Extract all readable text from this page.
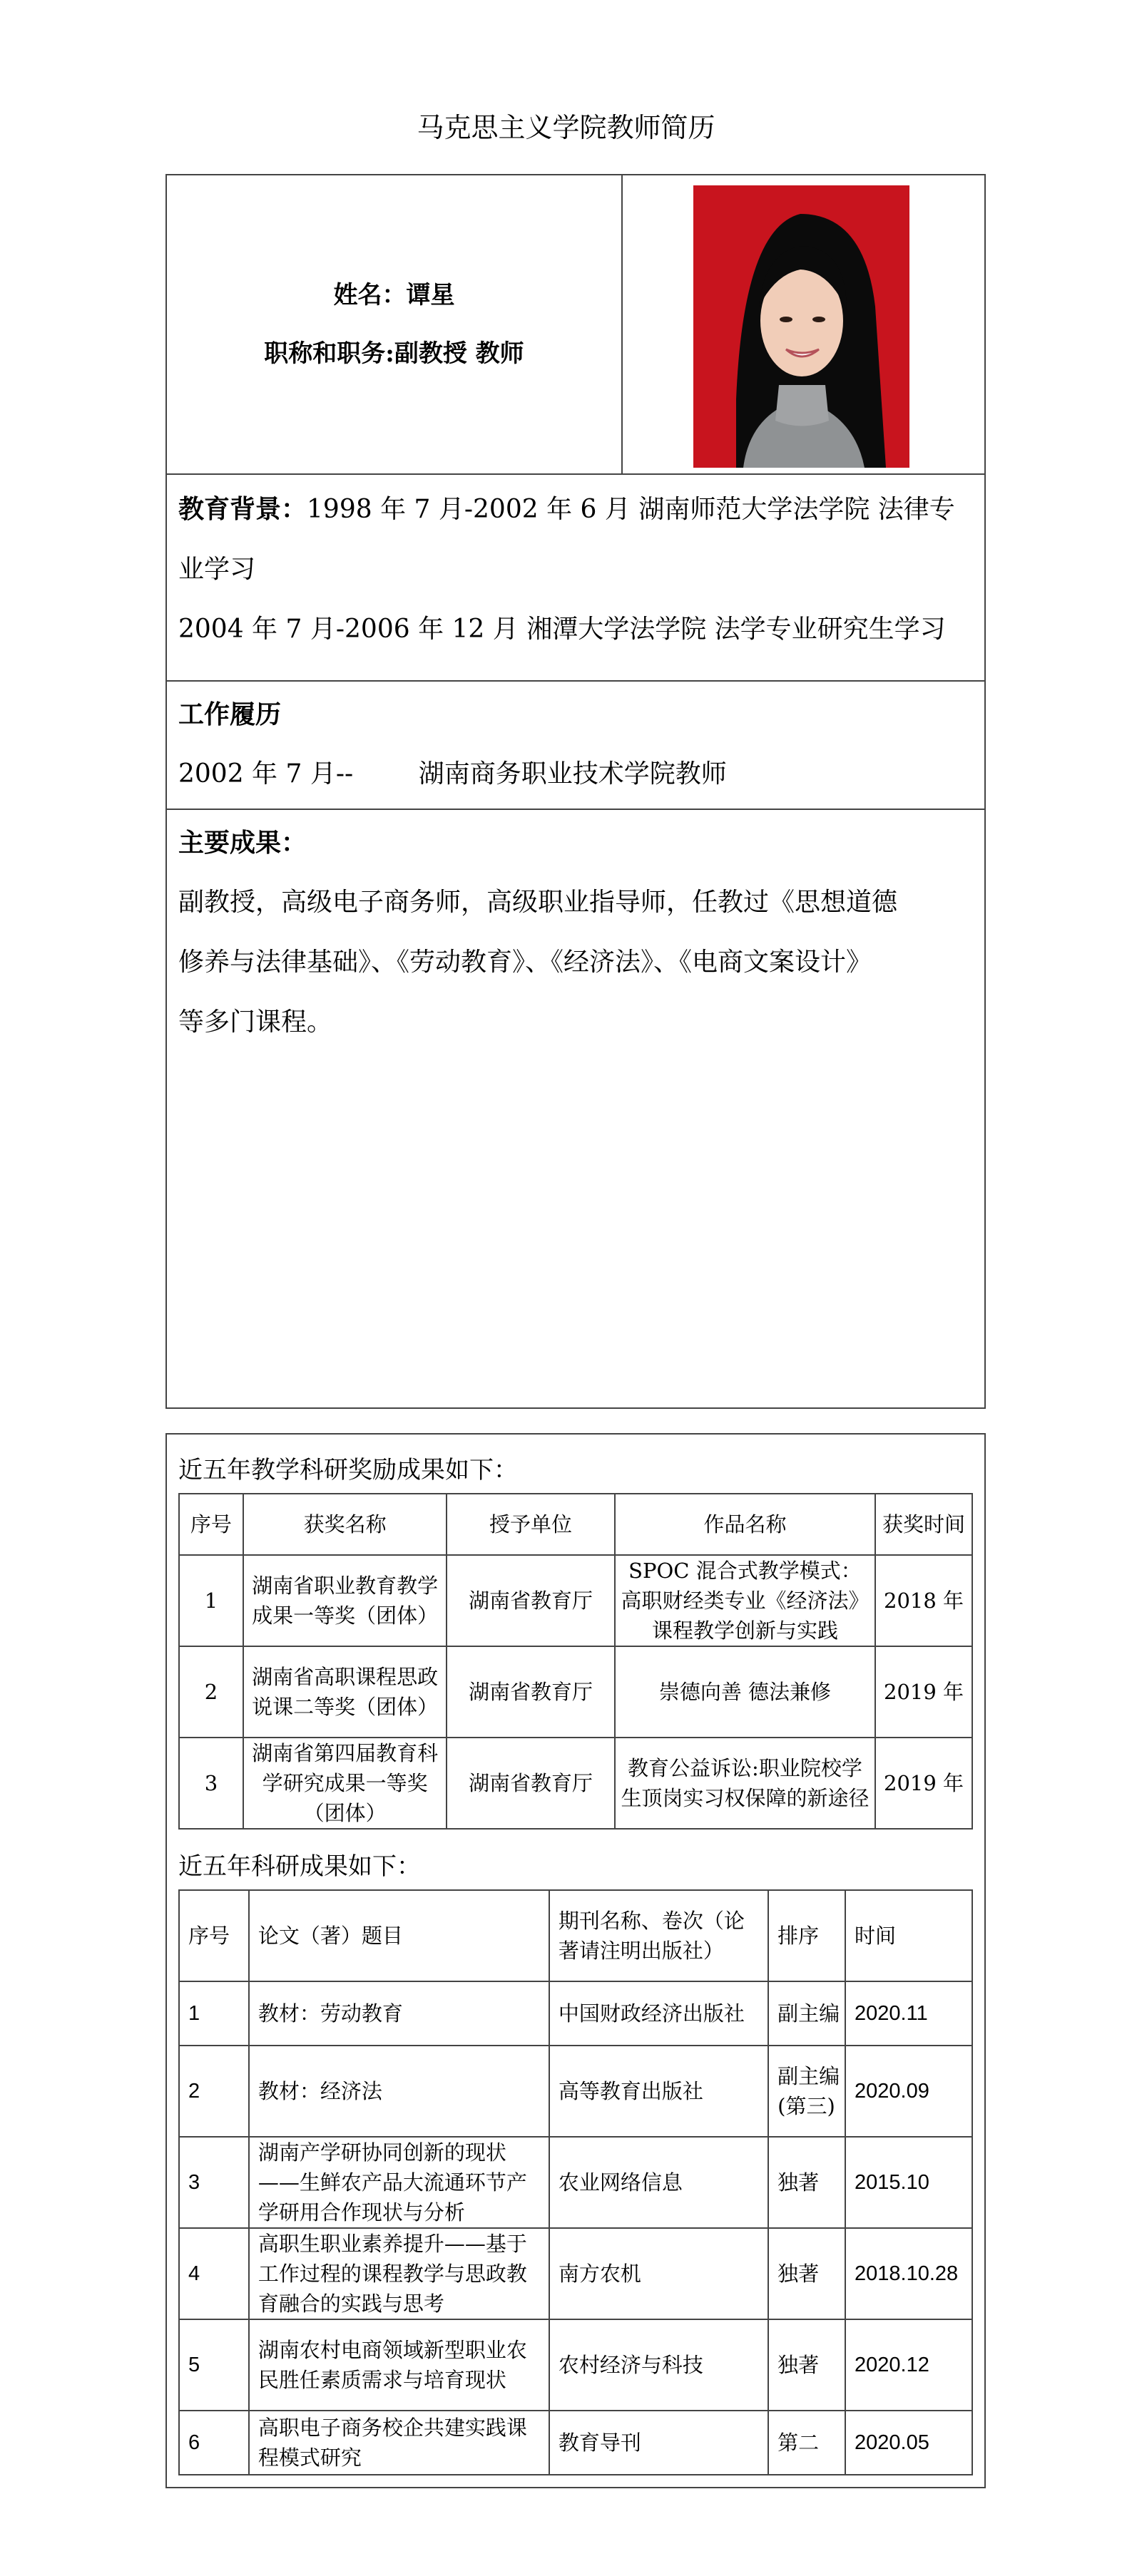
马克思主义学院教师简历
姓名：谭星
职称和职务:副教授 教师
教育背景：1998 年 7 月-2002 年 6 月 湖南师范大学法学院 法律专
业学习
2004 年 7 月-2006 年 12 月 湘潭大学法学院 法学专业研究生学习
工作履历
2002 年 7 月--        湖南商务职业技术学院教师
主要成果：
副教授，高级电子商务师，高级职业指导师，任教过《思想道德
修养与法律基础》、《劳动教育》、《经济法》、《电商文案设计》
等多门课程。
近五年教学科研奖励成果如下：
序号	获奖名称	授予单位	作品名称	获奖时间
1	湖南省职业教育教学成果一等奖（团体）	湖南省教育厅	SPOC 混合式教学模式：高职财经类专业《经济法》课程教学创新与实践	2018 年
2	湖南省高职课程思政说课二等奖（团体）	湖南省教育厅	崇德向善 德法兼修	2019 年
3	湖南省第四届教育科学研究成果一等奖（团体）	湖南省教育厅	教育公益诉讼:职业院校学生顶岗实习权保障的新途径	2019 年
近五年科研成果如下：
序号	论文（著）题目	期刊名称、卷次（论著请注明出版社）	排序	时间
1	教材：劳动教育	中国财政经济出版社	副主编	2020.11
2	教材：经济法	高等教育出版社	副主编(第三)	2020.09
3	湖南产学研协同创新的现状——生鲜农产品大流通环节产学研用合作现状与分析	农业网络信息	独著	2015.10
4	高职生职业素养提升——基于工作过程的课程教学与思政教育融合的实践与思考	南方农机	独著	2018.10.28
5	湖南农村电商领域新型职业农民胜任素质需求与培育现状	农村经济与科技	独著	2020.12
6	高职电子商务校企共建实践课程模式研究	教育导刊	第二	2020.05
